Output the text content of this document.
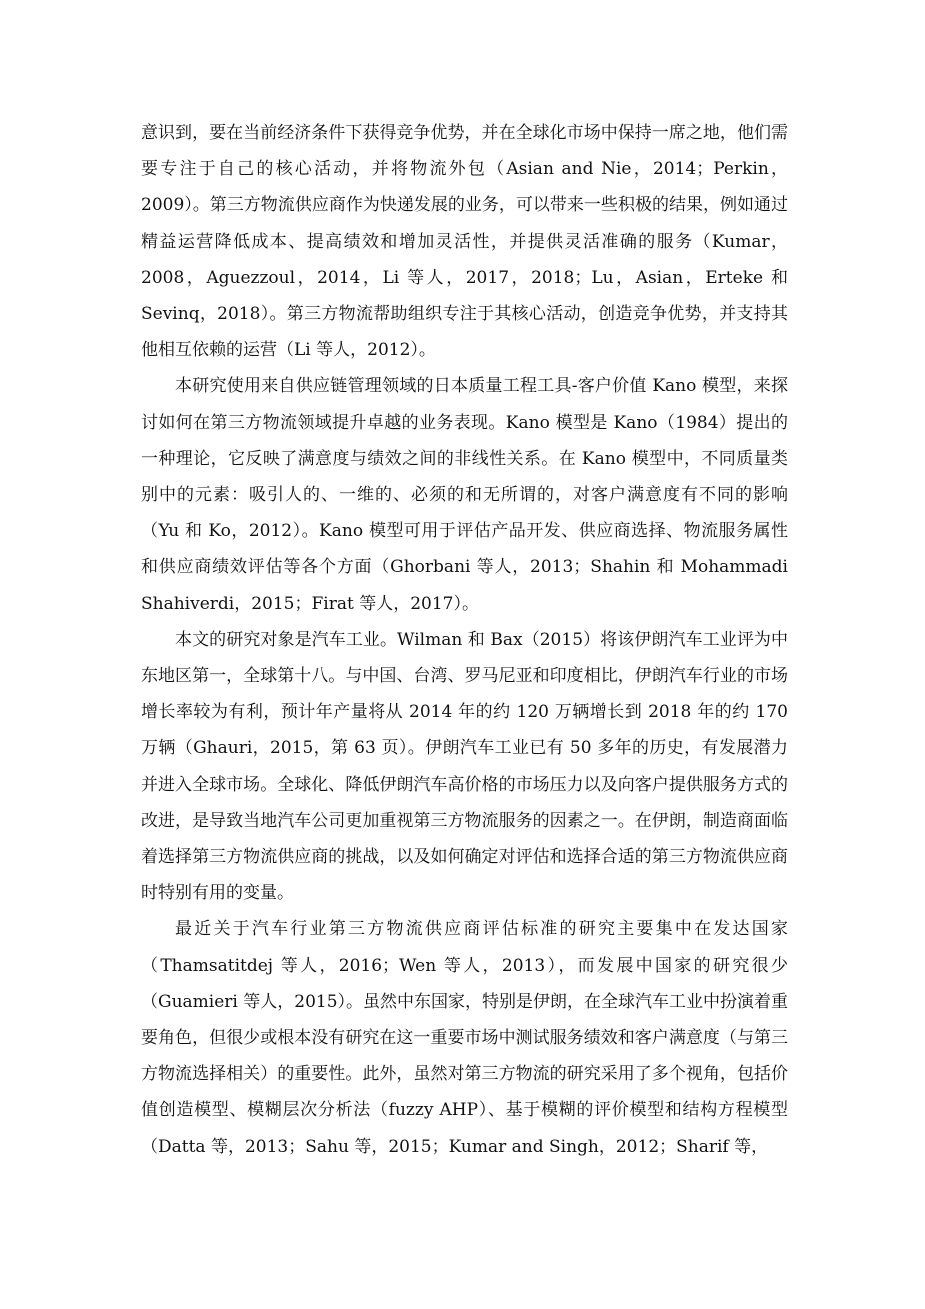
意识到，要在当前经济条件下获得竞争优势，并在全球化市场中保持一席之地，他们需要专注于自己的核心活动，并将物流外包（Asian and Nie，2014；Perkin，2009）。第三方物流供应商作为快递发展的业务，可以带来一些积极的结果，例如通过精益运营降低成本、提高绩效和增加灵活性，并提供灵活准确的服务（Kumar，2008，Aguezzoul，2014，Li 等人，2017，2018；Lu，Asian，Erteke 和 Sevinq，2018）。第三方物流帮助组织专注于其核心活动，创造竞争优势，并支持其他相互依赖的运营（Li 等人，2012）。

本研究使用来自供应链管理领域的日本质量工程工具-客户价值 Kano 模型，来探讨如何在第三方物流领域提升卓越的业务表现。Kano 模型是 Kano（1984）提出的一种理论，它反映了满意度与绩效之间的非线性关系。在 Kano 模型中，不同质量类别中的元素：吸引人的、一维的、必须的和无所谓的，对客户满意度有不同的影响（Yu 和 Ko，2012）。Kano 模型可用于评估产品开发、供应商选择、物流服务属性和供应商绩效评估等各个方面（Ghorbani 等人，2013；Shahin 和 Mohammadi Shahiverdi，2015；Firat 等人，2017）。

本文的研究对象是汽车工业。Wilman 和 Bax（2015）将该伊朗汽车工业评为中东地区第一，全球第十八。与中国、台湾、罗马尼亚和印度相比，伊朗汽车行业的市场增长率较为有利，预计年产量将从 2014 年的约 120 万辆增长到 2018 年的约 170 万辆（Ghauri，2015，第 63 页）。伊朗汽车工业已有 50 多年的历史，有发展潜力并进入全球市场。全球化、降低伊朗汽车高价格的市场压力以及向客户提供服务方式的改进，是导致当地汽车公司更加重视第三方物流服务的因素之一。在伊朗，制造商面临着选择第三方物流供应商的挑战，以及如何确定对评估和选择合适的第三方物流供应商时特别有用的变量。

最近关于汽车行业第三方物流供应商评估标准的研究主要集中在发达国家（Thamsatitdej 等人，2016；Wen 等人，2013），而发展中国家的研究很少（Guamieri 等人，2015）。虽然中东国家，特别是伊朗，在全球汽车工业中扮演着重要角色，但很少或根本没有研究在这一重要市场中测试服务绩效和客户满意度（与第三方物流选择相关）的重要性。此外，虽然对第三方物流的研究采用了多个视角，包括价值创造模型、模糊层次分析法（fuzzy AHP）、基于模糊的评价模型和结构方程模型（Datta 等，2013；Sahu 等，2015；Kumar and Singh，2012；Sharif 等，
